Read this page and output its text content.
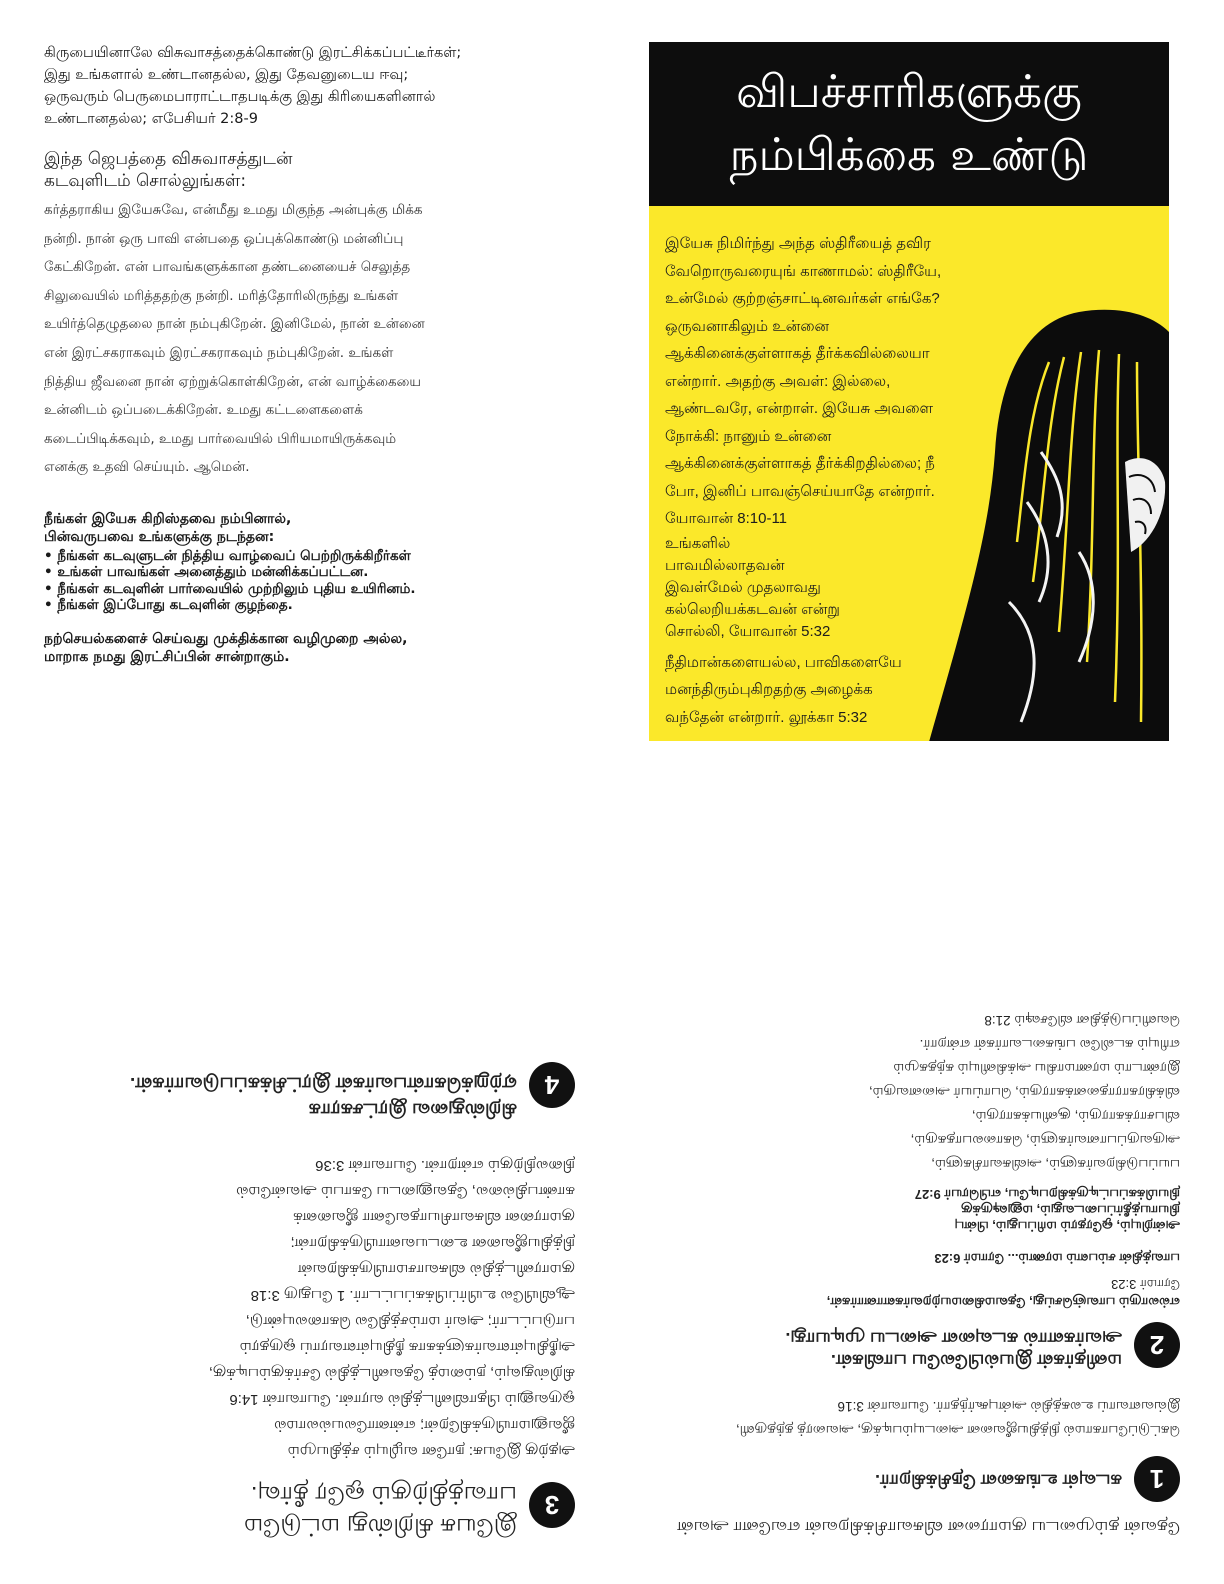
கிருபையினாலே விசுவாசத்தைக்கொண்டு இரட்சிக்கப்பட்டீர்கள்;
இது உங்களால் உண்டானதல்ல, இது தேவனுடைய ஈவு;
ஒருவரும் பெருமைபாராட்டாதபடிக்கு இது கிரியைகளினால்
உண்டானதல்ல; எபேசியர் 2:8-9

இந்த ஜெபத்தை விசுவாசத்துடன்
கடவுளிடம் சொல்லுங்கள்:

கர்த்தராகிய இயேசுவே, என்மீது உமது மிகுந்த அன்புக்கு மிக்க
நன்றி. நான் ஒரு பாவி என்பதை ஒப்புக்கொண்டு மன்னிப்பு
கேட்கிறேன். என் பாவங்களுக்கான தண்டனையைச் செலுத்த
சிலுவையில் மரித்ததற்கு நன்றி. மரித்தோரிலிருந்து உங்கள்
உயிர்த்தெழுதலை நான் நம்புகிறேன். இனிமேல், நான் உன்னை
என் இரட்சகராகவும் இரட்சகராகவும் நம்புகிறேன். உங்கள்
நித்திய ஜீவனை நான் ஏற்றுக்கொள்கிறேன், என் வாழ்க்கையை
உன்னிடம் ஒப்படைக்கிறேன். உமது கட்டளைகளைக்
கடைப்பிடிக்கவும், உமது பார்வையில் பிரியமாயிருக்கவும்
எனக்கு உதவி செய்யும். ஆமென்.

நீங்கள் இயேசு கிறிஸ்தவை நம்பினால்,
பின்வருபவை உங்களுக்கு நடந்தன:

• நீங்கள் கடவுளுடன் நித்திய வாழ்வைப் பெற்றிருக்கிறீர்கள்
• உங்கள் பாவங்கள் அனைத்தும் மன்னிக்கப்பட்டன.
• நீங்கள் கடவுளின் பார்வையில் முற்றிலும் புதிய உயிரினம்.
• நீங்கள் இப்போது கடவுளின் குழந்தை.

நற்செயல்களைச் செய்வது முக்திக்கான வழிமுறை அல்ல,
மாறாக நமது இரட்சிப்பின் சான்றாகும்.

விபச்சாரிகளுக்கு
நம்பிக்கை உண்டு
இயேசு நிமிர்ந்து அந்த ஸ்திரீயைத் தவிர
வேறொருவரையுங் காணாமல்: ஸ்திரீயே,
உன்மேல் குற்றஞ்சாட்டினவர்கள் எங்கே?
ஒருவனாகிலும் உன்னை
ஆக்கினைக்குள்ளாகத் தீர்க்கவில்லையா
என்றார். அதற்கு அவள்: இல்லை,
ஆண்டவரே, என்றாள். இயேசு அவளை
நோக்கி: நானும் உன்னை
ஆக்கினைக்குள்ளாகத் தீர்க்கிறதில்லை; நீ
போ, இனிப் பாவஞ்செய்யாதே என்றார்.
யோவான் 8:10-11
உங்களில்
பாவமில்லாதவன்
இவள்மேல் முதலாவது
கல்லெறியக்கடவன் என்று
சொல்லி, யோவான் 5:32
நீதிமான்களையல்ல, பாவிகளையே
மனந்திரும்புகிறதற்கு அழைக்க
வந்தேன் என்றார். லூக்கா 5:32
தேவன் தம்முடைய குமாரனை விசுவாசிக்கிறவன் எவனோ அவன்
1
கடவுள் உங்களை நேசிக்கிறார்.
கெட்டுப்போகாமல் நித்தியஜீவனை அடையும்படிக்கு, அவரைத் தந்தருளி,
இவ்வளவாய் உலகத்தில் அன்புகூர்ந்தார். யோவான் 3:16
2
மனிதர்கள் இயல்பிலேயே பாவிகள்.
அவர்களால் கடவுளை அடைய முடியாது.
எல்லாரும் பாவஞ்செய்து, தேவமகிமையற்றவர்களானார்கள்,
ரோமர் 3:23
பாவத்தின் சம்பளம் மரணம்... ரோமர் 6:23
அன்றியும், ஒரேதரம் மரிப்பதும், பின்பு
நியாயத்தீர்ப்படைவதும், மனுஷருக்கு
நியமிக்கப்பட்டிருக்கிறபடியே, எபிரெயர் 9:27
பயப்படுகிறவர்களும், அவிசுவாசிகளும்,
அருவருப்பானவர்களும், கொலைபாதகரும்,
விபசாரக்காரரும், சூனியக்காரரும்,
விக்கிரகாராதனைக்காரரும், பொய்யர் அனைவரும்,
இரண்டாம் மரணமாகிய அக்கினியும் கந்தகமும்
எரியும் கடலிலே பங்கடைவார்கள் என்றார்.
வெளிப்படுத்தின விசேஷம் 21:8
3
இயேசு கிறிஸ்து மட்டுமே
பாவத்திற்கும் ஒரே தீர்வு.
அதற்கு இயேசு: நானே வழியும் சத்தியமும்
ஜீவனுமாயிருக்கிறேன்; என்னாலேயல்லாமல்
ஒருவனும் பிதாவினிடத்தில் வரான். யோவான் 14:6
கிறிஸ்துவும், நம்மைத் தேவனிடத்தில் சேர்க்கும்படிக்கு,
அநீதியுள்ளவர்களுக்காக நீதியுள்ளவராய் ஒருதரம்
பாடுபட்டார்; அவர் மாம்சத்திலே கொலையுண்டு,
ஆவியிலே உயிர்ப்பிக்கப்பட்டார். 1 பேதுரு 3:18
குமாரனிடத்தில் விசுவாசமாயிருக்கிறவன்
நித்தியஜீவனை உடையவனாயிருக்கிறான்;
குமாரனை விசுவாசியாதவனோ ஜீவனைக்
காண்பதில்லை, தேவனுடைய கோபம் அவன்மேல்
நிலைநிற்கும் என்றான். யோவான் 3:36
4
கிறிஸ்துவை இரட்சகராக
ஏற்றுக்கொள்பவர்கள் இரட்சிக்கப்படுவார்கள்.
